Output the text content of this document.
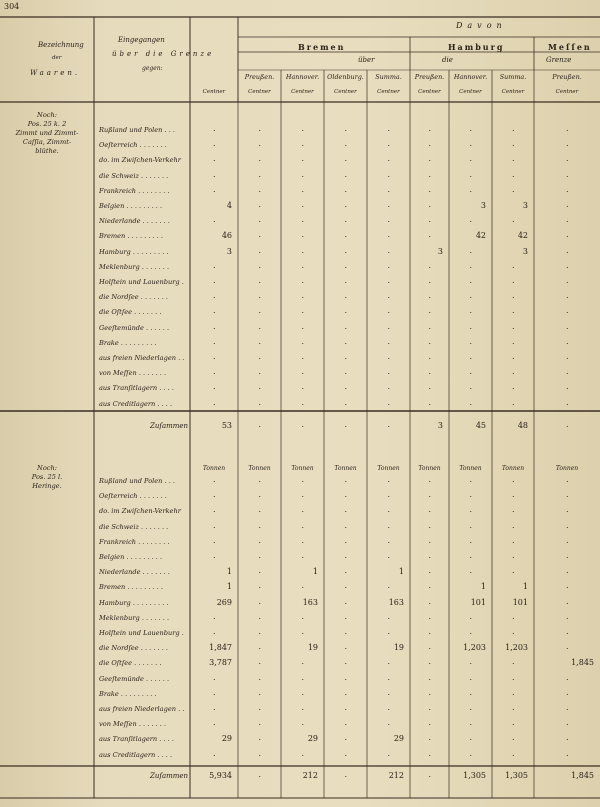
304
Bezeichnung
der
Waaren.
Eingegangen
über die Grenze
gegen:
Davon
Bremen	Hamburg	Meſſen
über	die	Grenze
Preußen.	Hannover.	Oldenburg.	Summa.	Preußen.	Hannover.	Summa.	Preußen.
Centner	Centner	Centner	Centner	Centner	Centner	Centner	Centner	Centner
Noch:
Pos. 25 k. 2
Zimmt und Zimmt-
Caſſia, Zimmt-
blüthe.
Rußland und Polen . . .	.	.	.	.	.	.	.	.	.
Oeſterreich . . . . . . .	.	.	.	.	.	.	.	.	.
do. im Zwiſchen-Verkehr	.	.	.	.	.	.	.	.	.
die Schweiz . . . . . . .	.	.	.	.	.	.	.	.	.
Frankreich . . . . . . . .	.	.	.	.	.	.	.	.	.
Belgien . . . . . . . . .	4	.	.	.	.	.	3	3	.
Niederlande . . . . . . .	.	.	.	.	.	.	.	.	.
Bremen . . . . . . . . .	46	.	.	.	.	.	42	42	.
Hamburg . . . . . . . . .	3	.	.	.	.	3	.	3	.
Meklenburg . . . . . . .	.	.	.	.	.	.	.	.	.
Holſtein und Lauenburg .	.	.	.	.	.	.	.	.	.
die Nordſee . . . . . . .	.	.	.	.	.	.	.	.	.
die Oſtſee . . . . . . .	.	.	.	.	.	.	.	.	.
Geeſtemünde . . . . . .	.	.	.	.	.	.	.	.	.
Brake . . . . . . . . .	.	.	.	.	.	.	.	.	.
aus freien Niederlagen . .	.	.	.	.	.	.	.	.	.
von Meſſen . . . . . . .	.	.	.	.	.	.	.	.	.
aus Tranſitlagern . . . .	.	.	.	.	.	.	.	.	.
aus Creditlagern . . . .	.	.	.	.	.	.	.	.	.
Zuſammen	53	.	.	.	.	3	45	48	.
Noch:
Pos. 25 l.
Heringe.
Tonnen	Tonnen	Tonnen	Tonnen	Tonnen	Tonnen	Tonnen	Tonnen	Tonnen
Rußland und Polen . . .	.	.	.	.	.	.	.	.	.
Oeſterreich . . . . . . .	.	.	.	.	.	.	.	.	.
do. im Zwiſchen-Verkehr	.	.	.	.	.	.	.	.	.
die Schweiz . . . . . . .	.	.	.	.	.	.	.	.	.
Frankreich . . . . . . . .	.	.	.	.	.	.	.	.	.
Belgien . . . . . . . . .	.	.	.	.	.	.	.	.	.
Niederlande . . . . . . .	1	.	1	.	1	.	.	.	.
Bremen . . . . . . . . .	1	.	.	.	.	.	1	1	.
Hamburg . . . . . . . . .	269	.	163	.	163	.	101	101	.
Meklenburg . . . . . . .	.	.	.	.	.	.	.	.	.
Holſtein und Lauenburg .	.	.	.	.	.	.	.	.	.
die Nordſee . . . . . . .	1,847	.	19	.	19	.	1,203	1,203	.
die Oſtſee . . . . . . .	3,787	.	.	.	.	.	.	.	1,845
Geeſtemünde . . . . . .	.	.	.	.	.	.	.	.	.
Brake . . . . . . . . .	.	.	.	.	.	.	.	.	.
aus freien Niederlagen . .	.	.	.	.	.	.	.	.	.
von Meſſen . . . . . . .	.	.	.	.	.	.	.	.	.
aus Tranſitlagern . . . .	29	.	29	.	29	.	.	.	.
aus Creditlagern . . . .	.	.	.	.	.	.	.	.	.
Zuſammen	5,934	.	212	.	212	.	1,305	1,305	1,845
